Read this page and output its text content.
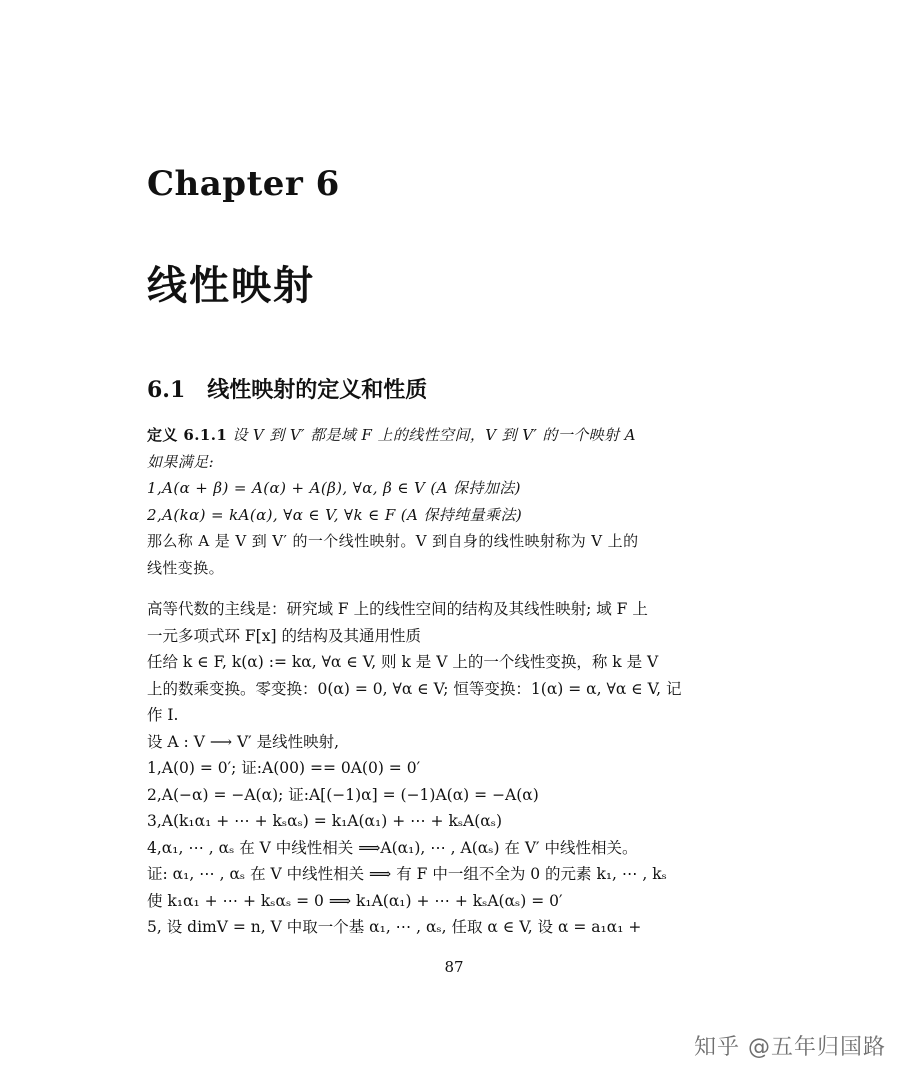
Chapter 6
线性映射
6.1 线性映射的定义和性质
定义 6.1.1 设 V 到 V′ 都是域 F 上的线性空间，V 到 V′ 的一个映射 A
如果满足:
1,A(α + β) = A(α) + A(β), ∀α, β ∈ V (A 保持加法)
2,A(kα) = kA(α), ∀α ∈ V, ∀k ∈ F (A 保持纯量乘法)
那么称 A 是 V 到 V′ 的一个线性映射。V 到自身的线性映射称为 V 上的
线性变换。
高等代数的主线是：研究域 F 上的线性空间的结构及其线性映射; 域 F 上
一元多项式环 F[x] 的结构及其通用性质
任给 k ∈ F, k(α) := kα, ∀α ∈ V, 则 k 是 V 上的一个线性变换，称 k 是 V
上的数乘变换。零变换：0(α) = 0, ∀α ∈ V; 恒等变换：1(α) = α, ∀α ∈ V, 记
作 I.
设 A : V ⟶ V′ 是线性映射,
1,A(0) = 0′; 证:A(00) == 0A(0) = 0′
2,A(−α) = −A(α); 证:A[(−1)α] = (−1)A(α) = −A(α)
3,A(k₁α₁ + ⋯ + kₛαₛ) = k₁A(α₁) + ⋯ + kₛA(αₛ)
4,α₁, ⋯ , αₛ 在 V 中线性相关 ⟹A(α₁), ⋯ , A(αₛ) 在 V′ 中线性相关。
证: α₁, ⋯ , αₛ 在 V 中线性相关 ⟹ 有 F 中一组不全为 0 的元素 k₁, ⋯ , kₛ
使 k₁α₁ + ⋯ + kₛαₛ = 0 ⟹ k₁A(α₁) + ⋯ + kₛA(αₛ) = 0′
5, 设 dimV = n, V 中取一个基 α₁, ⋯ , αₛ, 任取 α ∈ V, 设 α = a₁α₁ +
87
知乎 @五年归国路
